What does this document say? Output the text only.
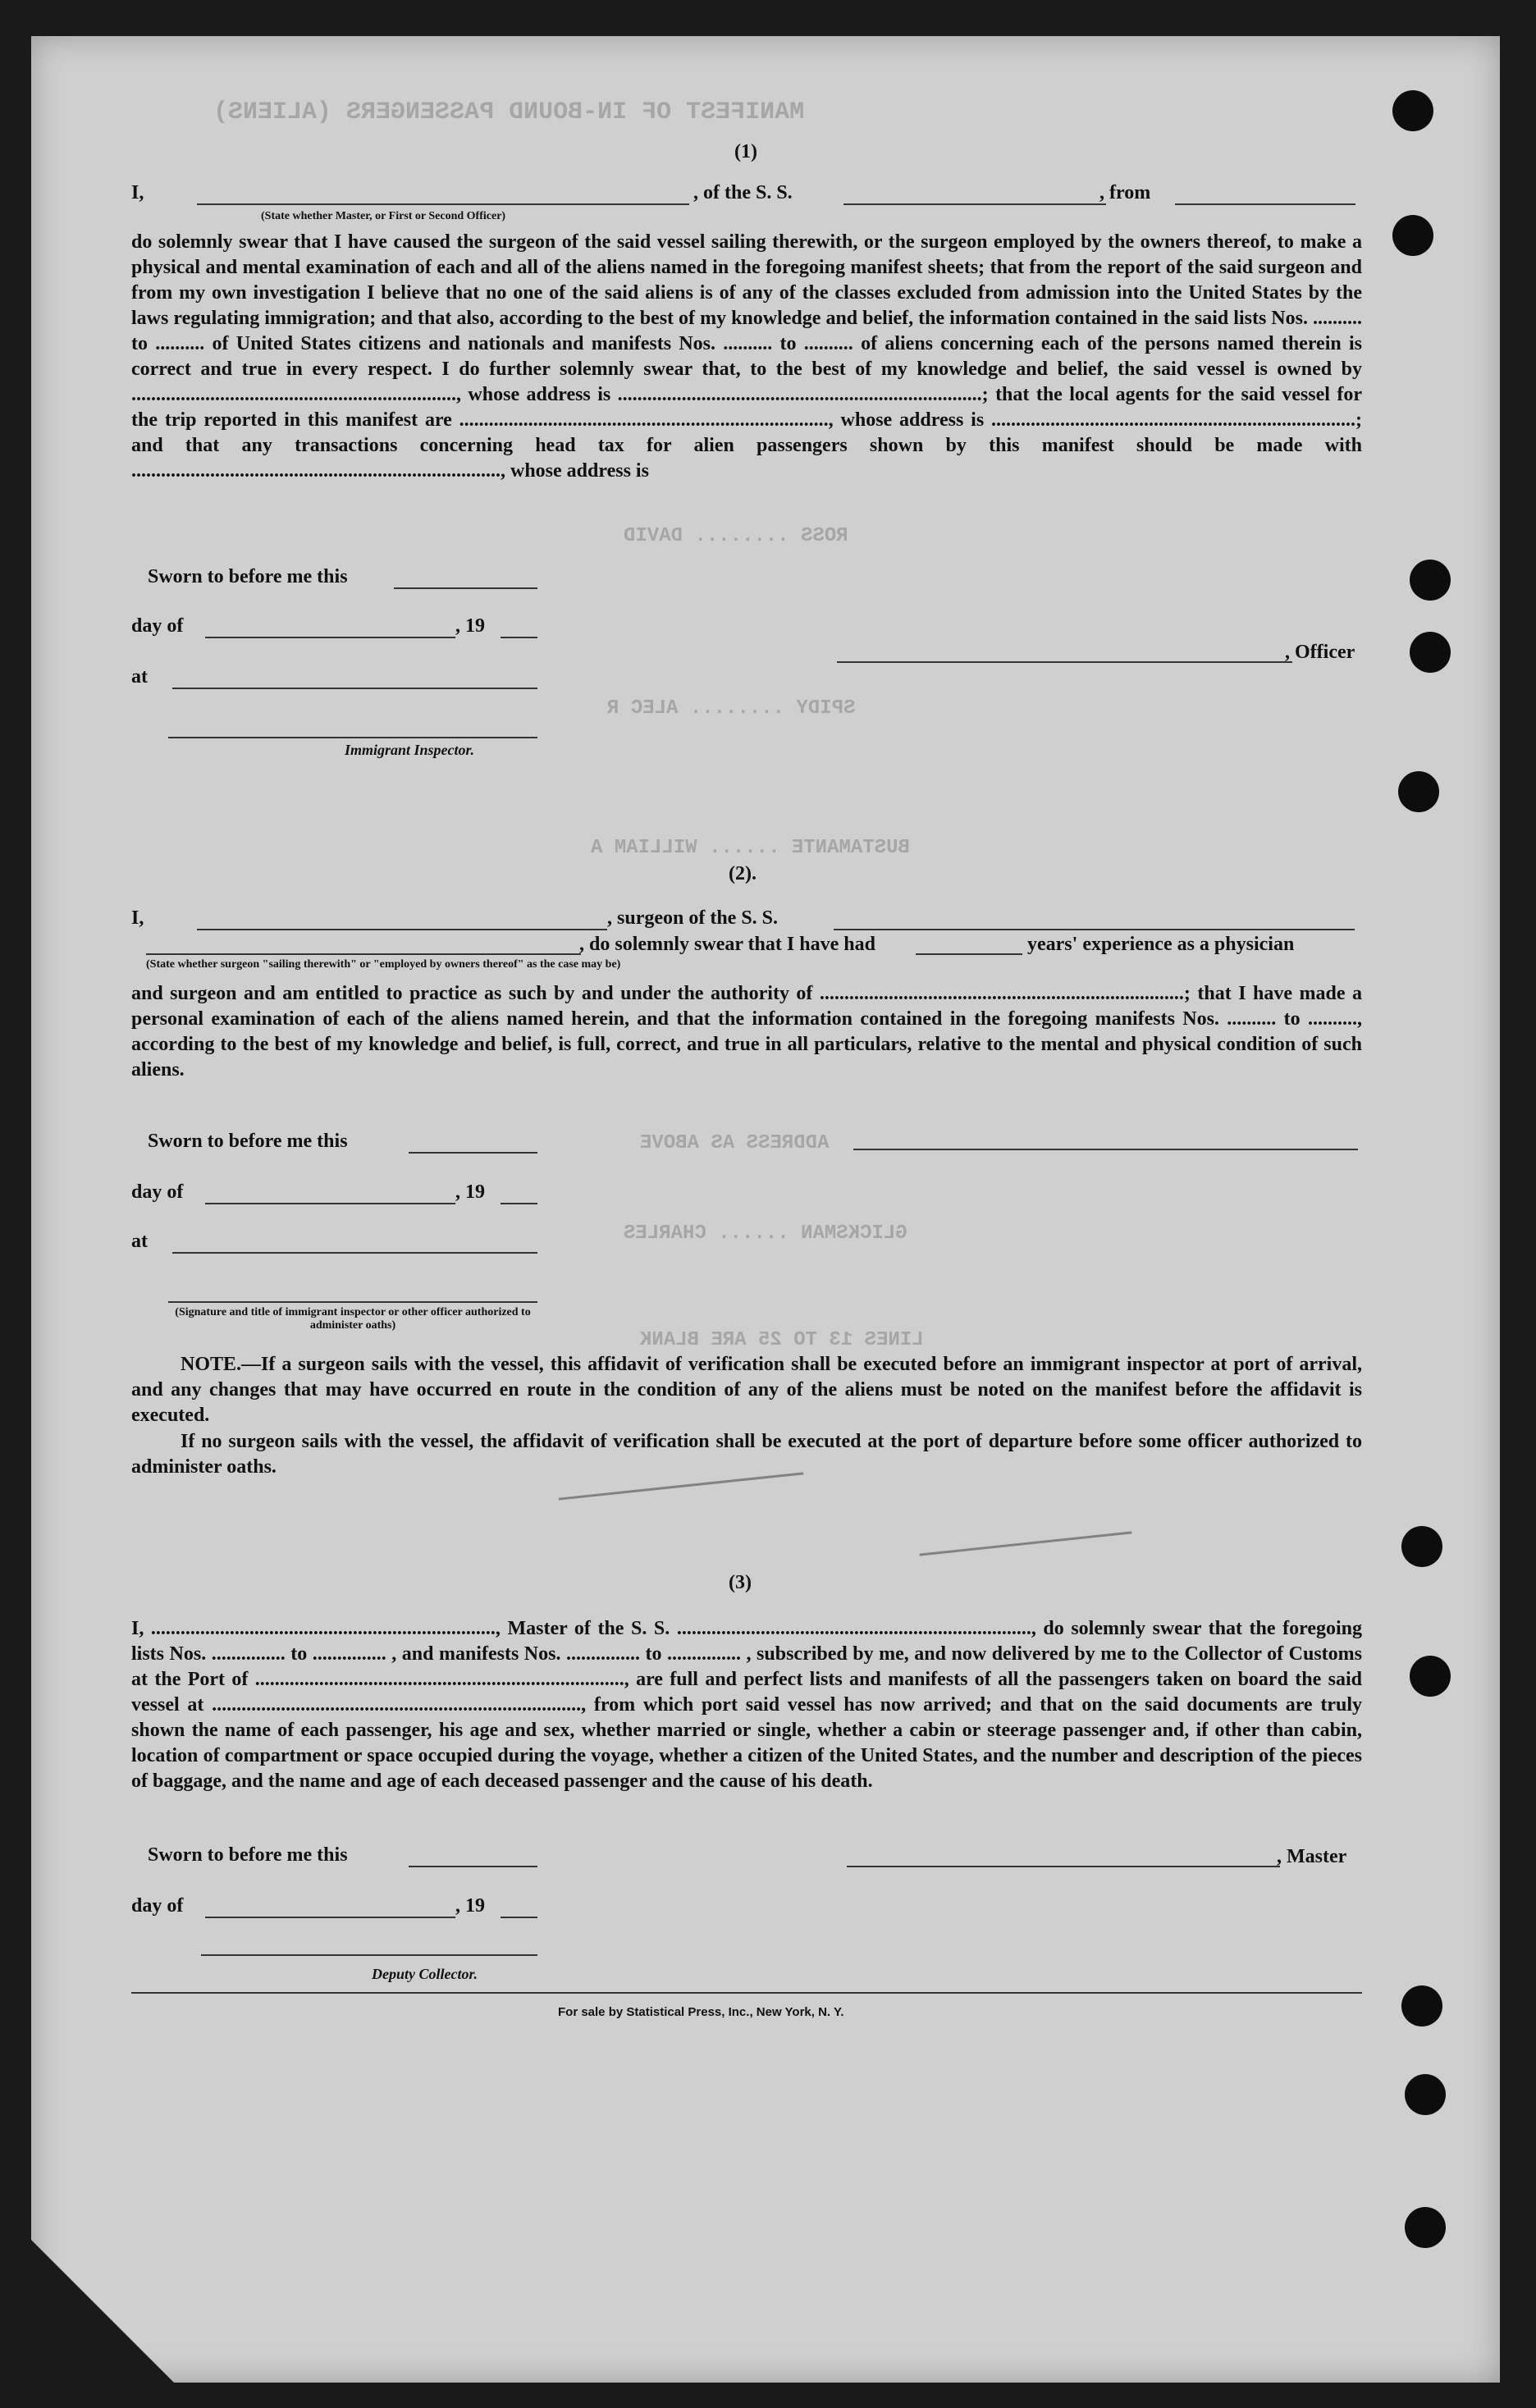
MANIFEST OF IN-BOUND PASSENGERS (ALIENS)
ROSS ........ DAVID
SPIDY ........ ALEC R
BUSTAMANTE ...... WILLIAM A
ADDRESS AS ABOVE
GLICKSMAN ...... CHARLES
LINES 13 TO 25 ARE BLANK
(1)
I,
(State whether Master, or First or Second Officer)
, of the S. S.	, from
do solemnly swear that I have caused the surgeon of the said vessel sailing therewith, or the surgeon employed by the owners thereof, to make a physical and mental examination of each and all of the aliens named in the foregoing manifest sheets; that from the report of the said surgeon and from my own investigation I believe that no one of the said aliens is of any of the classes excluded from admission into the United States by the laws regulating immigration; and that also, according to the best of my knowledge and belief, the information contained in the said lists Nos. .......... to .......... of United States citizens and nationals and manifests Nos. .......... to .......... of aliens concerning each of the persons named therein is correct and true in every respect. I do further solemnly swear that, to the best of my knowledge and belief, the said vessel is owned by .................................................................., whose address is ..........................................................................; that the local agents for the said vessel for the trip reported in this manifest are ..........................................................................., whose address is ..........................................................................; and that any transactions concerning head tax for alien passengers shown by this manifest should be made with ..........................................................................., whose address is
Sworn to before me this
day of	, 19
at
Immigrant Inspector.
, Officer
(2).
I,	, surgeon of the S. S.
, do solemnly swear that I have had	years' experience as a physician
(State whether surgeon "sailing therewith" or "employed by owners thereof" as the case may be)
and surgeon and am entitled to practice as such by and under the authority of ..........................................................................; that I have made a personal examination of each of the aliens named herein, and that the information contained in the foregoing manifests Nos. .......... to .........., according to the best of my knowledge and belief, is full, correct, and true in all particulars, relative to the mental and physical condition of such aliens.
Sworn to before me this
day of	, 19
at
(Signature and title of immigrant inspector or other officer authorized to administer oaths)
NOTE.—If a surgeon sails with the vessel, this affidavit of verification shall be executed before an immigrant inspector at port of arrival, and any changes that may have occurred en route in the condition of any of the aliens must be noted on the manifest before the affidavit is executed.
If no surgeon sails with the vessel, the affidavit of verification shall be executed at the port of departure before some officer authorized to administer oaths.
(3)
I, ......................................................................, Master of the S. S. ........................................................................, do solemnly swear that the foregoing lists Nos. ............... to ............... , and manifests Nos. ............... to ............... , subscribed by me, and now delivered by me to the Collector of Customs at the Port of ..........................................................................., are full and perfect lists and manifests of all the passengers taken on board the said vessel at ..........................................................................., from which port said vessel has now arrived; and that on the said documents are truly shown the name of each passenger, his age and sex, whether married or single, whether a cabin or steerage passenger and, if other than cabin, location of compartment or space occupied during the voyage, whether a citizen of the United States, and the number and description of the pieces of baggage, and the name and age of each deceased passenger and the cause of his death.
Sworn to before me this	, Master
day of	, 19
Deputy Collector.
For sale by Statistical Press, Inc., New York, N. Y.
